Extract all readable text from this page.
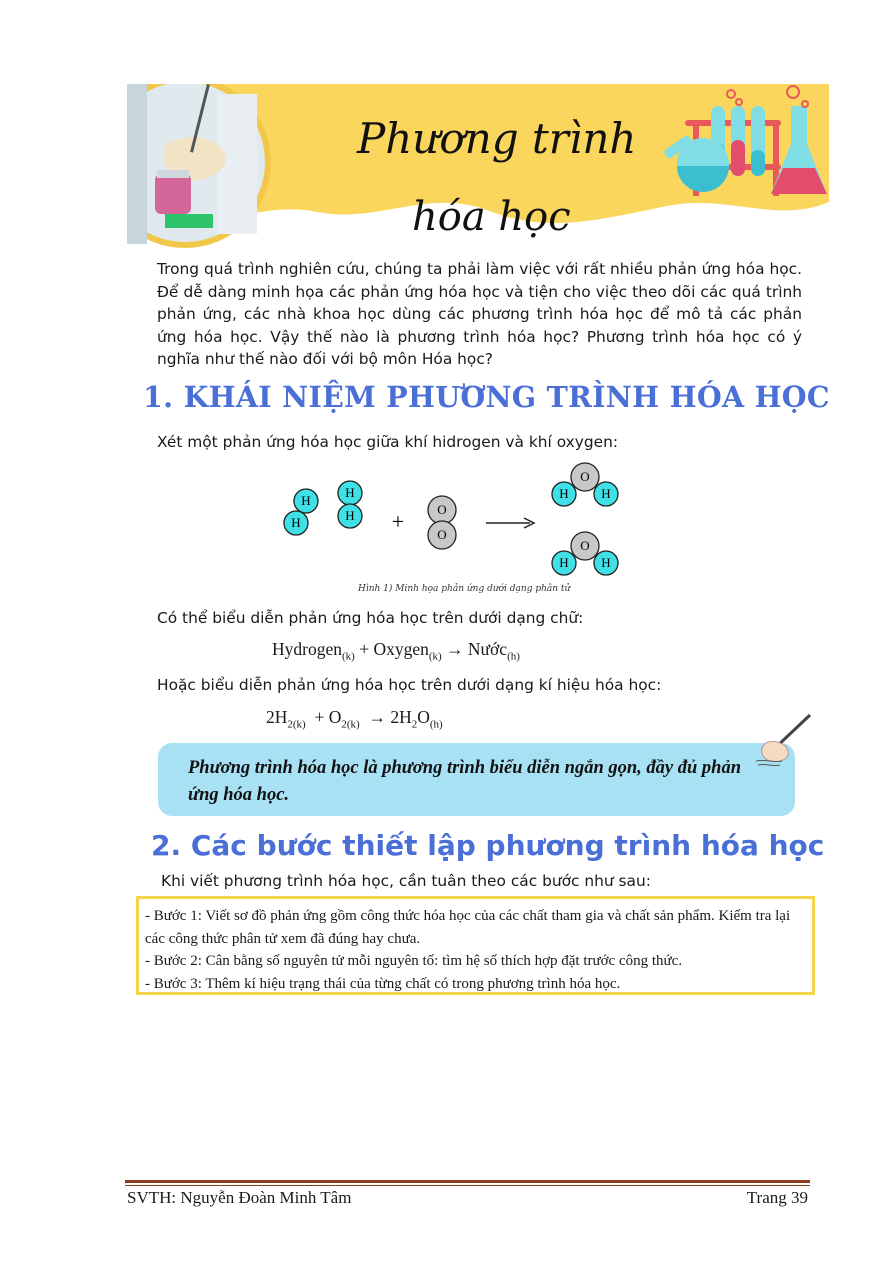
Phương trình
hóa học
Trong quá trình nghiên cứu, chúng ta phải làm việc với rất nhiều phản ứng hóa học. Để dễ dàng minh họa các phản ứng hóa học và tiện cho việc theo dõi các quá trình phản ứng, các nhà khoa học dùng các phương trình hóa học để mô tả các phản ứng hóa học. Vậy thế nào là phương trình hóa học? Phương trình hóa học có ý nghĩa như thế nào đối với bộ môn Hóa học?
1. KHÁI NIỆM PHƯƠNG TRÌNH HÓA HỌC
Xét một phản ứng hóa học giữa khí hidrogen và khí oxygen:
H
H
H
H +	O
O
O
H	H
O
H	H
Hình 1) Minh họa phản ứng dưới dạng phân tử
Có thể biểu diễn phản ứng hóa học trên dưới dạng chữ:
Hydrogen$_{(k)}$ + Oxygen$_{(k)}$ → Nước$_{(h)}$
Hoặc biểu diễn phản ứng hóa học trên dưới dạng kí hiệu hóa học:
$2H_{2(k)} + O_{2(k)} \to 2H_2O_{(h)}$
Phương trình hóa học là phương trình biểu diễn ngắn gọn, đầy đủ phản ứng hóa học.
2. Các bước thiết lập phương trình hóa học
Khi viết phương trình hóa học, cần tuân theo các bước như sau:
- Bước 1: Viết sơ đồ phản ứng gồm công thức hóa học của các chất tham gia và chất sản phẩm. Kiểm tra lại các công thức phân tử xem đã đúng hay chưa.
- Bước 2: Cân bằng số nguyên tử mỗi nguyên tố: tìm hệ số thích hợp đặt trước công thức.
- Bước 3: Thêm kí hiệu trạng thái của từng chất có trong phương trình hóa học.
SVTH: Nguyễn Đoàn Minh Tâm	Trang 39
